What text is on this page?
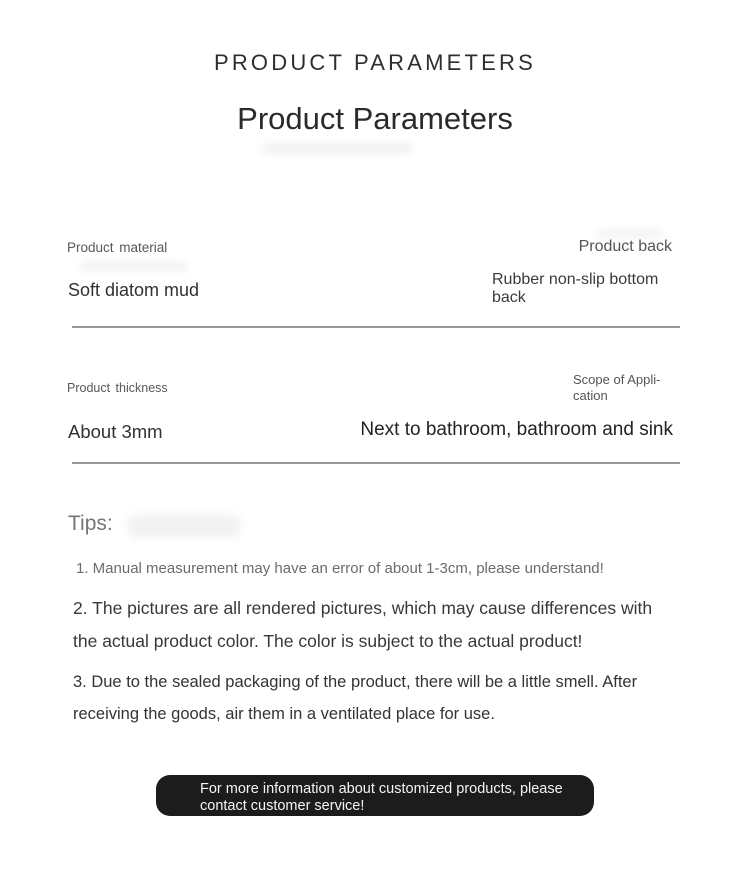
PRODUCT PARAMETERS
Product Parameters
Product material	Product back
Soft diatom mud
Rubber non-slip bottom back
Product thickness
Scope of Appli-cation
About 3mm	Next to bathroom, bathroom and sink
Tips:
1. Manual measurement may have an error of about 1-3cm, please understand!
2. The pictures are all rendered pictures, which may cause differences with the actual product color. The color is subject to the actual product!
3. Due to the sealed packaging of the product, there will be a little smell. After receiving the goods, air them in a ventilated place for use.
For more information about customized products, please contact customer service!
